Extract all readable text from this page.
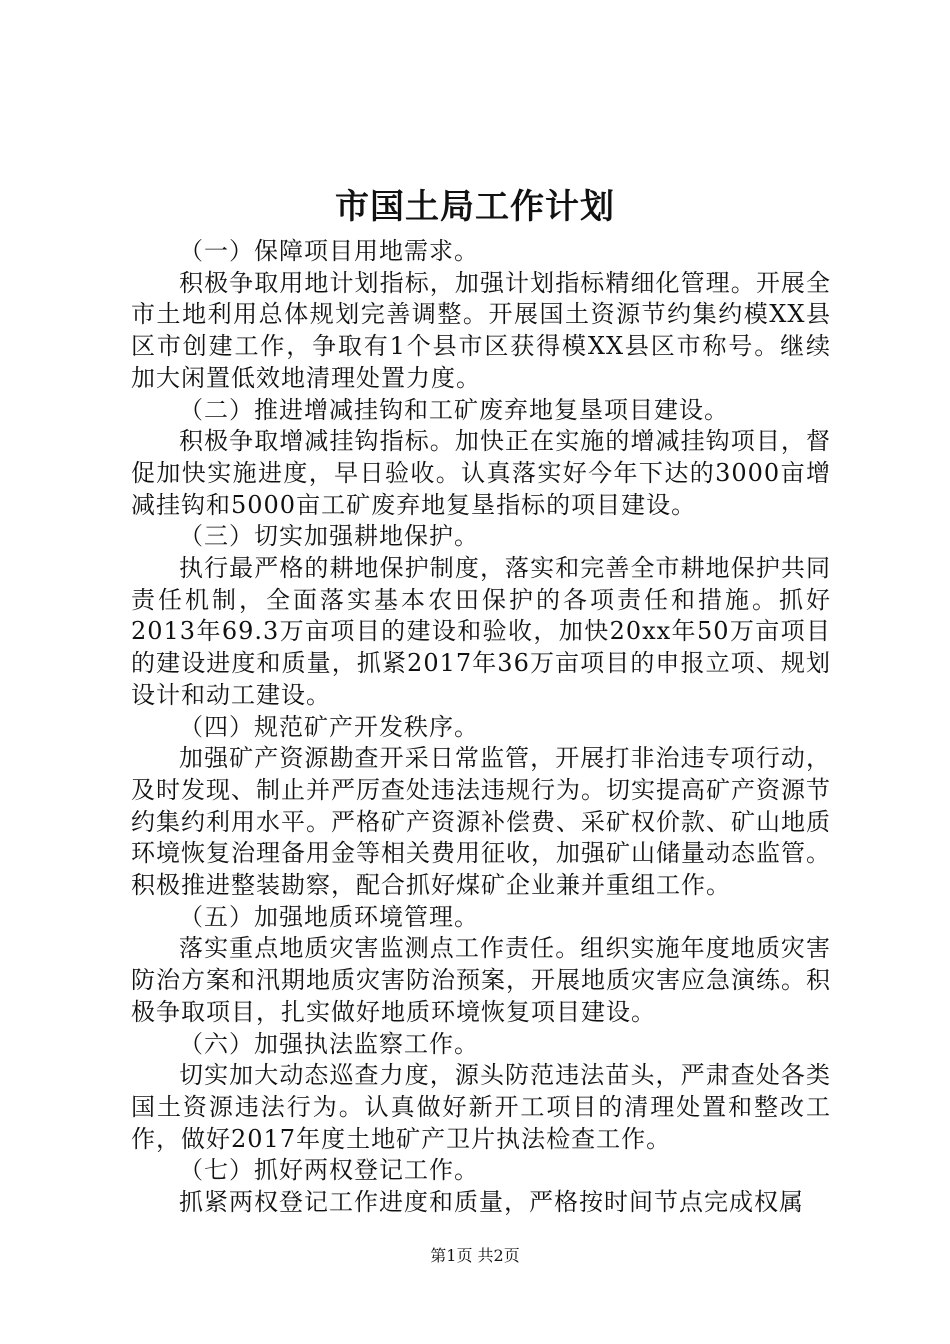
市国土局工作计划

（一）保障项目用地需求。

积极争取用地计划指标，加强计划指标精细化管理。开展全市土地利用总体规划完善调整。开展国土资源节约集约模XX县区市创建工作，争取有1个县市区获得模XX县区市称号。继续加大闲置低效地清理处置力度。

（二）推进增减挂钩和工矿废弃地复垦项目建设。

积极争取增减挂钩指标。加快正在实施的增减挂钩项目，督促加快实施进度，早日验收。认真落实好今年下达的3000亩增减挂钩和5000亩工矿废弃地复垦指标的项目建设。

（三）切实加强耕地保护。

执行最严格的耕地保护制度，落实和完善全市耕地保护共同责任机制，全面落实基本农田保护的各项责任和措施。抓好2013年69.3万亩项目的建设和验收，加快20xx年50万亩项目的建设进度和质量，抓紧2017年36万亩项目的申报立项、规划设计和动工建设。

（四）规范矿产开发秩序。

加强矿产资源勘查开采日常监管，开展打非治违专项行动，及时发现、制止并严厉查处违法违规行为。切实提高矿产资源节约集约利用水平。严格矿产资源补偿费、采矿权价款、矿山地质环境恢复治理备用金等相关费用征收，加强矿山储量动态监管。积极推进整装勘察，配合抓好煤矿企业兼并重组工作。

（五）加强地质环境管理。

落实重点地质灾害监测点工作责任。组织实施年度地质灾害防治方案和汛期地质灾害防治预案，开展地质灾害应急演练。积极争取项目，扎实做好地质环境恢复项目建设。

（六）加强执法监察工作。

切实加大动态巡查力度，源头防范违法苗头，严肃查处各类国土资源违法行为。认真做好新开工项目的清理处置和整改工作，做好2017年度土地矿产卫片执法检查工作。

（七）抓好两权登记工作。

抓紧两权登记工作进度和质量，严格按时间节点完成权属

第1页 共2页
